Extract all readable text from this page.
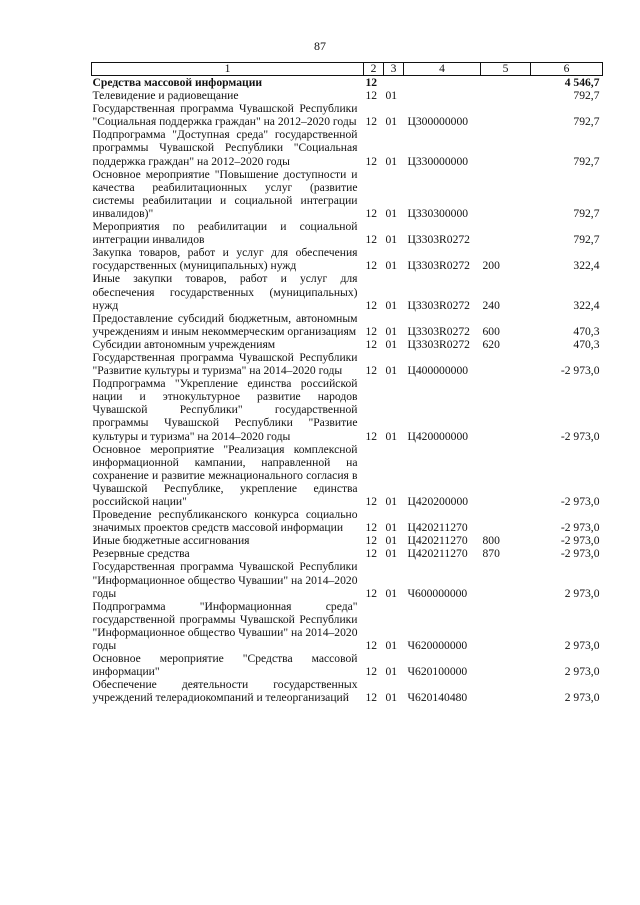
87
1	2	3	4	5	6
Средства массовой информации	12				4 546,7
Телевидение и радиовещание	12	01			792,7
Государственная программа Чувашской Республики "Социальная поддержка граждан" на 2012–2020 годы	12	01	Ц300000000		792,7
Подпрограмма "Доступная среда" государственной программы Чувашской Республики "Социальная поддержка граждан" на 2012–2020 годы	12	01	Ц330000000		792,7
Основное мероприятие "Повышение доступности и качества реабилитационных услуг (развитие системы реабилитации и социальной интеграции инвалидов)"	12	01	Ц330300000		792,7
Мероприятия по реабилитации и социальной интеграции инвалидов	12	01	Ц3303R0272		792,7
Закупка товаров, работ и услуг для обеспечения государственных (муниципальных) нужд	12	01	Ц3303R0272	200	322,4
Иные закупки товаров, работ и услуг для обеспечения государственных (муниципальных) нужд	12	01	Ц3303R0272	240	322,4
Предоставление субсидий бюджетным, автономным учреждениям и иным некоммерческим организациям	12	01	Ц3303R0272	600	470,3
Субсидии автономным учреждениям	12	01	Ц3303R0272	620	470,3
Государственная программа Чувашской Республики "Развитие культуры и туризма" на 2014–2020 годы	12	01	Ц400000000		-2 973,0
Подпрограмма "Укрепление единства российской нации и этнокультурное развитие народов Чувашской Республики" государственной программы Чувашской Республики "Развитие культуры и туризма" на 2014–2020 годы	12	01	Ц420000000		-2 973,0
Основное мероприятие "Реализация комплексной информационной кампании, направленной на сохранение и развитие межнационального согласия в Чувашской Республике, укрепление единства российской нации"	12	01	Ц420200000		-2 973,0
Проведение республиканского конкурса социально значимых проектов средств массовой информации	12	01	Ц420211270		-2 973,0
Иные бюджетные ассигнования	12	01	Ц420211270	800	-2 973,0
Резервные средства	12	01	Ц420211270	870	-2 973,0
Государственная программа Чувашской Республики "Информационное общество Чувашии" на 2014–2020 годы	12	01	Ч600000000		2 973,0
Подпрограмма "Информационная среда" государственной программы Чувашской Республики "Информационное общество Чувашии" на 2014–2020 годы	12	01	Ч620000000		2 973,0
Основное мероприятие "Средства массовой информации"	12	01	Ч620100000		2 973,0
Обеспечение деятельности государственных учреждений телерадиокомпаний и телеорганизаций	12	01	Ч620140480		2 973,0
